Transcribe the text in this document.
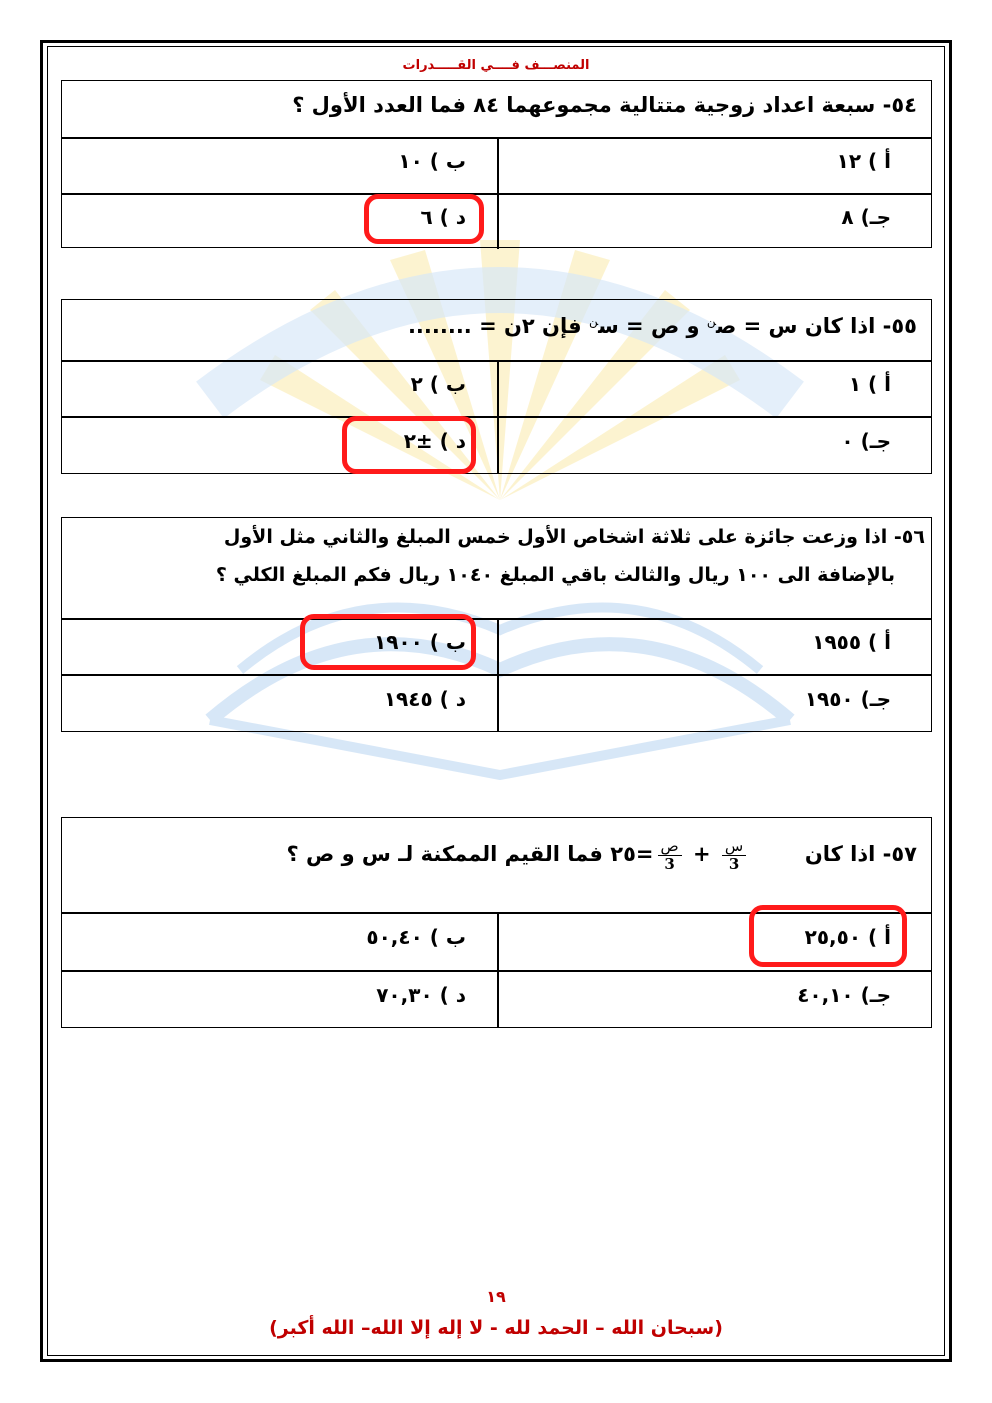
المنصـــف فــــي القـــــدرات
٥٤- سبعة اعداد زوجية متتالية مجموعهما ٨٤ فما العدد الأول ؟
أ ) ١٢
ب ) ١٠
جـ) ٨
د ) ٦
٥٥- اذا كان س = ص$^ن$ و ص = س$^ن$ فإن ٢ن = ........
أ ) ١
ب ) ٢
جـ) ٠
د ) ±٢
٥٦- اذا وزعت جائزة على ثلاثة اشخاص الأول خمس المبلغ والثاني مثل الأول
بالإضافة الى ١٠٠ ريال والثالث باقي المبلغ ١٠٤٠ ريال فكم المبلغ الكلي ؟
أ ) ١٩٥٥
ب ) ١٩٠٠
جـ) ١٩٥٠
د ) ١٩٤٥
٥٧- اذا كان
$\frac{\text{س}}{3}$
+
$\frac{\text{ص}}{3}$
=٢٥ فما القيم الممكنة لـ س و ص ؟
أ ) ٢٥,٥٠
ب ) ٥٠,٤٠
جـ) ٤٠,١٠
د ) ٧٠,٣٠
١٩
(سبحان الله – الحمد لله - لا إله إلا الله– الله أكبر)
